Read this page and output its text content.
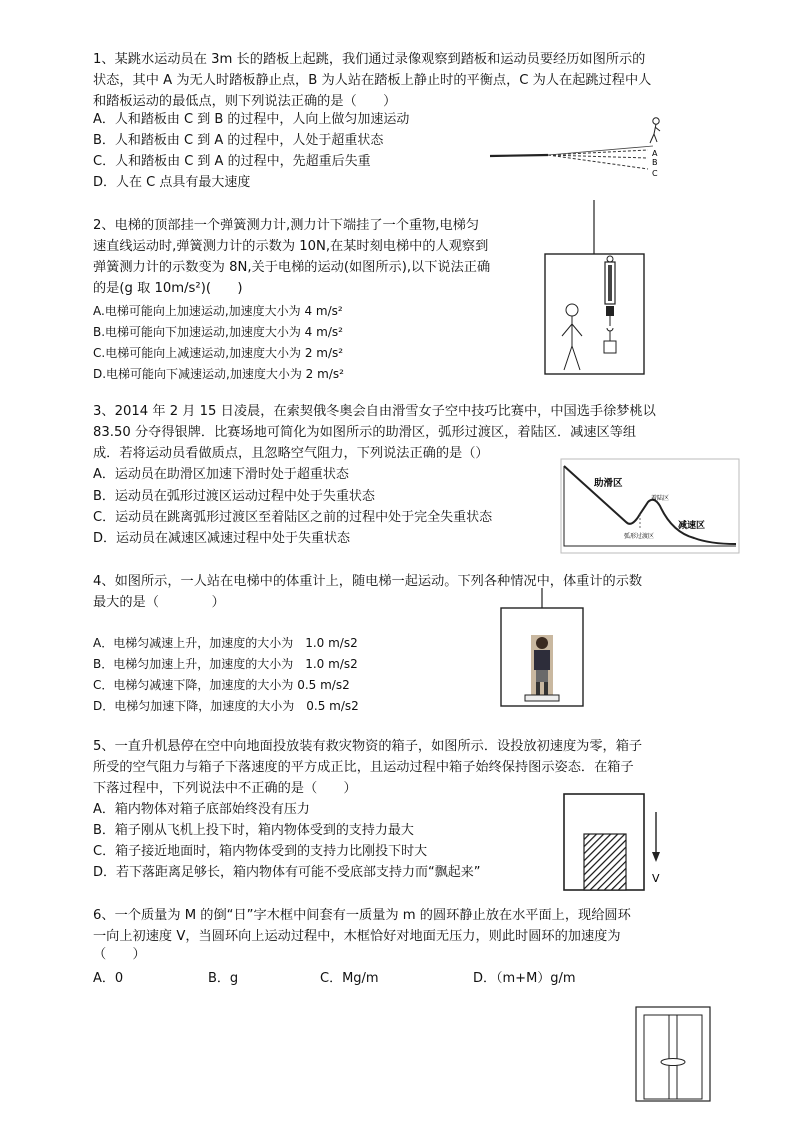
1、某跳水运动员在 3m 长的踏板上起跳，我们通过录像观察到踏板和运动员要经历如图所示的
状态，其中 A 为无人时踏板静止点，B 为人站在踏板上静止时的平衡点，C 为人在起跳过程中人
和踏板运动的最低点，则下列说法正确的是（　　）
A．人和踏板由 C 到 B 的过程中，人向上做匀加速运动
B．人和踏板由 C 到 A 的过程中，人处于超重状态
C．人和踏板由 C 到 A 的过程中，先超重后失重
D．人在 C 点具有最大速度
A
B
C
2、电梯的顶部挂一个弹簧测力计,测力计下端挂了一个重物,电梯匀
速直线运动时,弹簧测力计的示数为 10N,在某时刻电梯中的人观察到
弹簧测力计的示数变为 8N,关于电梯的运动(如图所示),以下说法正确
的是(g 取 10m/s²)(　　)
A.电梯可能向上加速运动,加速度大小为 4 m/s²
B.电梯可能向下加速运动,加速度大小为 4 m/s²
C.电梯可能向上减速运动,加速度大小为 2 m/s²
D.电梯可能向下减速运动,加速度大小为 2 m/s²
3、2014 年 2 月 15 日凌晨，在索契俄冬奥会自由滑雪女子空中技巧比赛中，中国选手徐梦桃以
83.50 分夺得银牌．比赛场地可简化为如图所示的助滑区，弧形过渡区，着陆区．减速区等组
成．若将运动员看做质点，且忽略空气阻力，下列说法正确的是（）
A．运动员在助滑区加速下滑时处于超重状态
B．运动员在弧形过渡区运动过程中处于失重状态
C．运动员在跳离弧形过渡区至着陆区之前的过程中处于完全失重状态
D．运动员在减速区减速过程中处于失重状态
助滑区
着陆区
弧形过渡区
减速区
4、如图所示，一人站在电梯中的体重计上，随电梯一起运动。下列各种情况中，体重计的示数
最大的是（　　　　）
A．电梯匀减速上升，加速度的大小为　1.0 m/s2
B．电梯匀加速上升，加速度的大小为　1.0 m/s2
C．电梯匀减速下降，加速度的大小为 0.5 m/s2
D．电梯匀加速下降，加速度的大小为　0.5 m/s2
5、一直升机悬停在空中向地面投放装有救灾物资的箱子，如图所示．设投放初速度为零，箱子
所受的空气阻力与箱子下落速度的平方成正比，且运动过程中箱子始终保持图示姿态．在箱子
下落过程中，下列说法中不正确的是（　　）
A．箱内物体对箱子底部始终没有压力
B．箱子刚从飞机上投下时，箱内物体受到的支持力最大
C．箱子接近地面时，箱内物体受到的支持力比刚投下时大
D．若下落距离足够长，箱内物体有可能不受底部支持力而“飘起来”	V
6、一个质量为 M 的倒“日”字木框中间套有一质量为 m 的圆环静止放在水平面上，现给圆环
一向上初速度 V，当圆环向上运动过程中，木框恰好对地面无压力，则此时圆环的加速度为
（　　）
A．0	B．g	C．Mg/m	D．（m+M）g/m
